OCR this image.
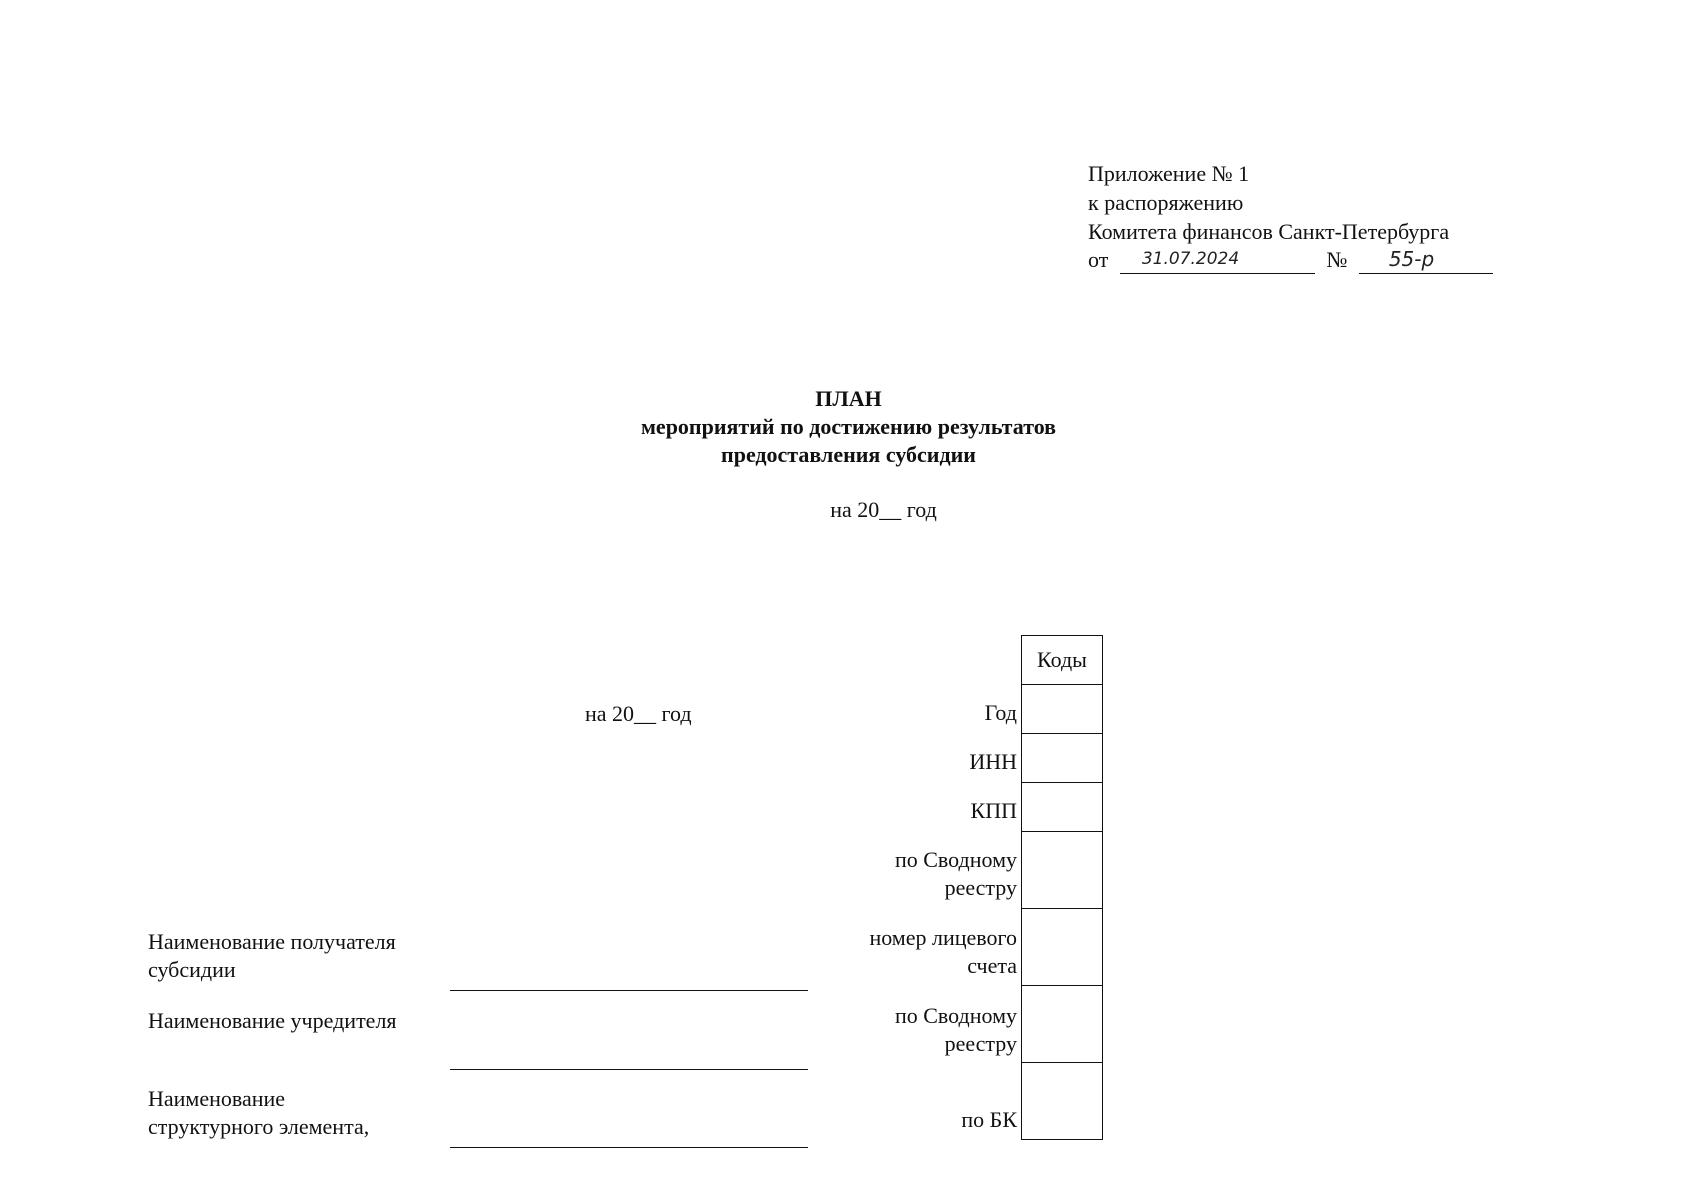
Приложение № 1
к распоряжению
Комитета финансов Санкт-Петербурга
от 31.07.2024	№ 55-р
ПЛАН
мероприятий по достижению результатов
предоставления субсидии
на 20__ год
на 20__ год
Коды

Год
ИНН
КПП
по Сводному
реестру
номер лицевого
счета
по Сводному
реестру
по БК
Наименование получателя
субсидии
Наименование учредителя
Наименование
структурного элемента,
